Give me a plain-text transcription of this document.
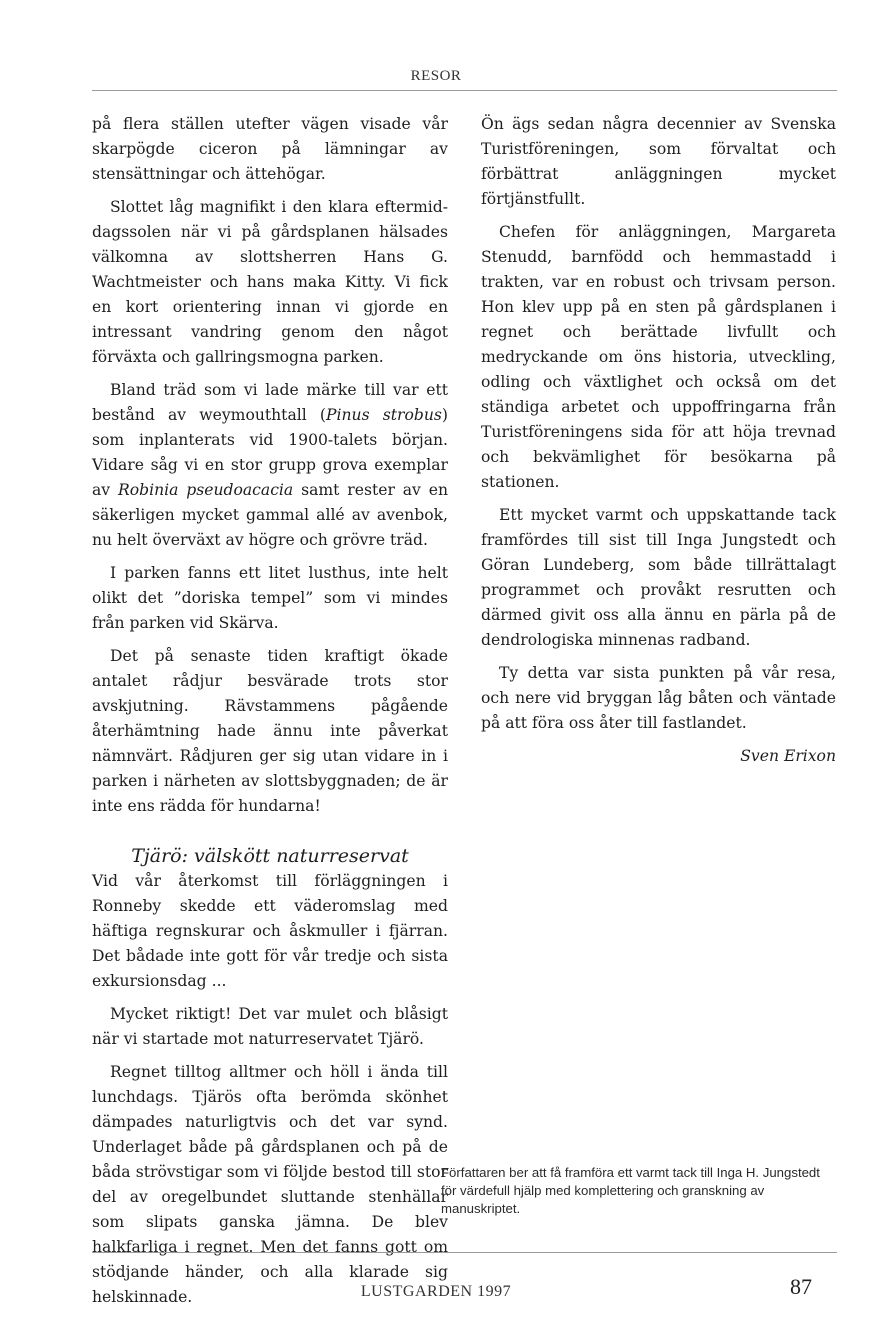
RESOR

på flera ställen utefter vägen visade vår skarpögde ciceron på lämningar av stensättningar och ättehögar.

Slottet låg magnifikt i den klara eftermiddagssolen när vi på gårdsplanen hälsades välkomna av slottsherren Hans G. Wachtmeister och hans maka Kitty. Vi fick en kort orientering innan vi gjorde en intressant vandring genom den något förväxta och gallringsmogna parken.

Bland träd som vi lade märke till var ett bestånd av weymouthtall (Pinus strobus) som inplanterats vid 1900-talets början. Vidare såg vi en stor grupp grova exemplar av Robinia pseudoacacia samt rester av en säkerligen mycket gammal allé av avenbok, nu helt överväxt av högre och grövre träd.

I parken fanns ett litet lusthus, inte helt olikt det ”doriska tempel” som vi mindes från parken vid Skärva.

Det på senaste tiden kraftigt ökade antalet rådjur besvärade trots stor avskjutning. Rävstammens pågående återhämtning hade ännu inte påverkat nämnvärt. Rådjuren ger sig utan vidare in i parken i närheten av slottsbyggnaden; de är inte ens rädda för hundarna!

Tjärö: välskött naturreservat

Vid vår återkomst till förläggningen i Ronneby skedde ett väderomslag med häftiga regnskurar och åskmuller i fjärran. Det bådade inte gott för vår tredje och sista exkursionsdag ...

Mycket riktigt! Det var mulet och blåsigt när vi startade mot naturreservatet Tjärö.

Regnet tilltog alltmer och höll i ända till lunchdags. Tjärös ofta berömda skönhet dämpades naturligtvis och det var synd. Underlaget både på gårdsplanen och på de båda strövstigar som vi följde bestod till stor del av oregelbundet sluttande stenhällar som slipats ganska jämna. De blev halkfarliga i regnet. Men det fanns gott om stödjande händer, och alla klarade sig helskinnade.

Ön ägs sedan några decennier av Svenska Turistföreningen, som förvaltat och förbättrat anläggningen mycket förtjänstfullt.

Chefen för anläggningen, Margareta Stenudd, barnfödd och hemmastadd i trakten, var en robust och trivsam person. Hon klev upp på en sten på gårdsplanen i regnet och berättade livfullt och medryckande om öns historia, utveckling, odling och växtlighet och också om det ständiga arbetet och uppoffringarna från Turistföreningens sida för att höja trevnad och bekvämlighet för besökarna på stationen.

Ett mycket varmt och uppskattande tack framfördes till sist till Inga Jungstedt och Göran Lundeberg, som både tillrättalagt programmet och provåkt resrutten och därmed givit oss alla ännu en pärla på de dendrologiska minnenas radband.

Ty detta var sista punkten på vår resa, och nere vid bryggan låg båten och väntade på att föra oss åter till fastlandet.

Sven Erixon
Författaren ber att få framföra ett varmt tack till Inga H. Jungstedt för värdefull hjälp med komplettering och granskning av manuskriptet.
LUSTGARDEN 1997	87
